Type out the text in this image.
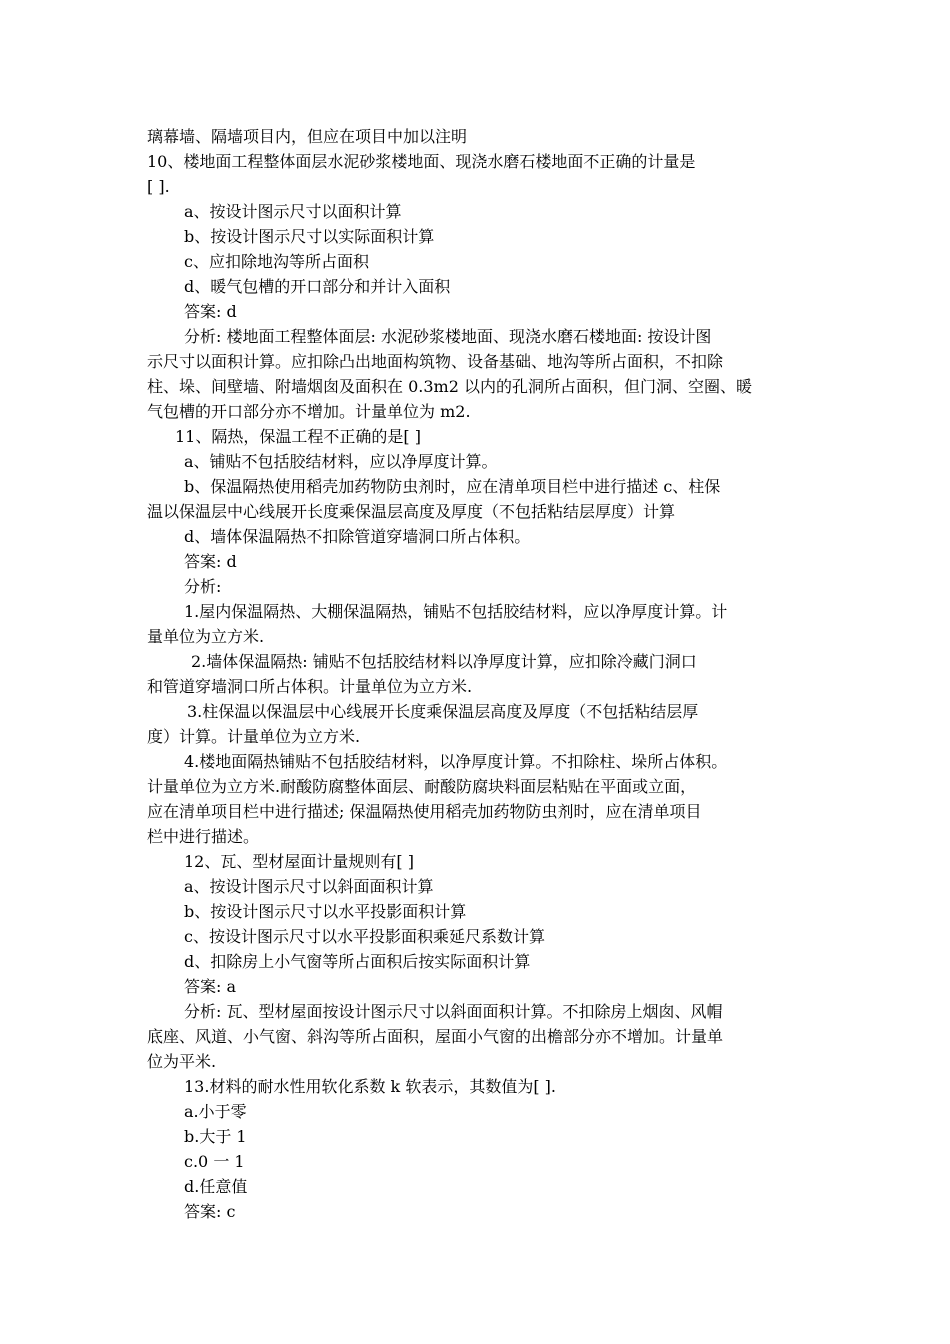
璃幕墙、隔墙项目内，但应在项目中加以注明
10、楼地面工程整体面层水泥砂浆楼地面、现浇水磨石楼地面不正确的计量是
[ ].
a、按设计图示尺寸以面积计算
b、按设计图示尺寸以实际面积计算
c、应扣除地沟等所占面积
d、暖气包槽的开口部分和并计入面积
答案: d
分析: 楼地面工程整体面层: 水泥砂浆楼地面、现浇水磨石楼地面: 按设计图
示尺寸以面积计算。应扣除凸出地面构筑物、设备基础、地沟等所占面积，不扣除
柱、垛、间壁墙、附墙烟囱及面积在 0.3m2 以内的孔洞所占面积，但门洞、空圈、暖
气包槽的开口部分亦不增加。计量单位为 m2.
11、隔热，保温工程不正确的是[ ]
a、铺贴不包括胶结材料，应以净厚度计算。
b、保温隔热使用稻壳加药物防虫剂时，应在清单项目栏中进行描述 c、柱保
温以保温层中心线展开长度乘保温层高度及厚度（不包括粘结层厚度）计算
d、墙体保温隔热不扣除管道穿墙洞口所占体积。
答案: d
分析:
1.屋内保温隔热、大棚保温隔热，铺贴不包括胶结材料，应以净厚度计算。计
量单位为立方米.
2.墙体保温隔热: 铺贴不包括胶结材料以净厚度计算，应扣除冷藏门洞口
和管道穿墙洞口所占体积。计量单位为立方米.
3.柱保温以保温层中心线展开长度乘保温层高度及厚度（不包括粘结层厚
度）计算。计量单位为立方米.
4.楼地面隔热铺贴不包括胶结材料，以净厚度计算。不扣除柱、垛所占体积。
计量单位为立方米.耐酸防腐整体面层、耐酸防腐块料面层粘贴在平面或立面，
应在清单项目栏中进行描述; 保温隔热使用稻壳加药物防虫剂时，应在清单项目
栏中进行描述。
12、瓦、型材屋面计量规则有[ ]
a、按设计图示尺寸以斜面面积计算
b、按设计图示尺寸以水平投影面积计算
c、按设计图示尺寸以水平投影面积乘延尺系数计算
d、扣除房上小气窗等所占面积后按实际面积计算
答案: a
分析: 瓦、型材屋面按设计图示尺寸以斜面面积计算。不扣除房上烟囱、风帽
底座、风道、小气窗、斜沟等所占面积，屋面小气窗的出檐部分亦不增加。计量单
位为平米.
13.材料的耐水性用软化系数 k 软表示，其数值为[ ].
a.小于零
b.大于 1
c.0 一 1
d.任意值
答案: c
